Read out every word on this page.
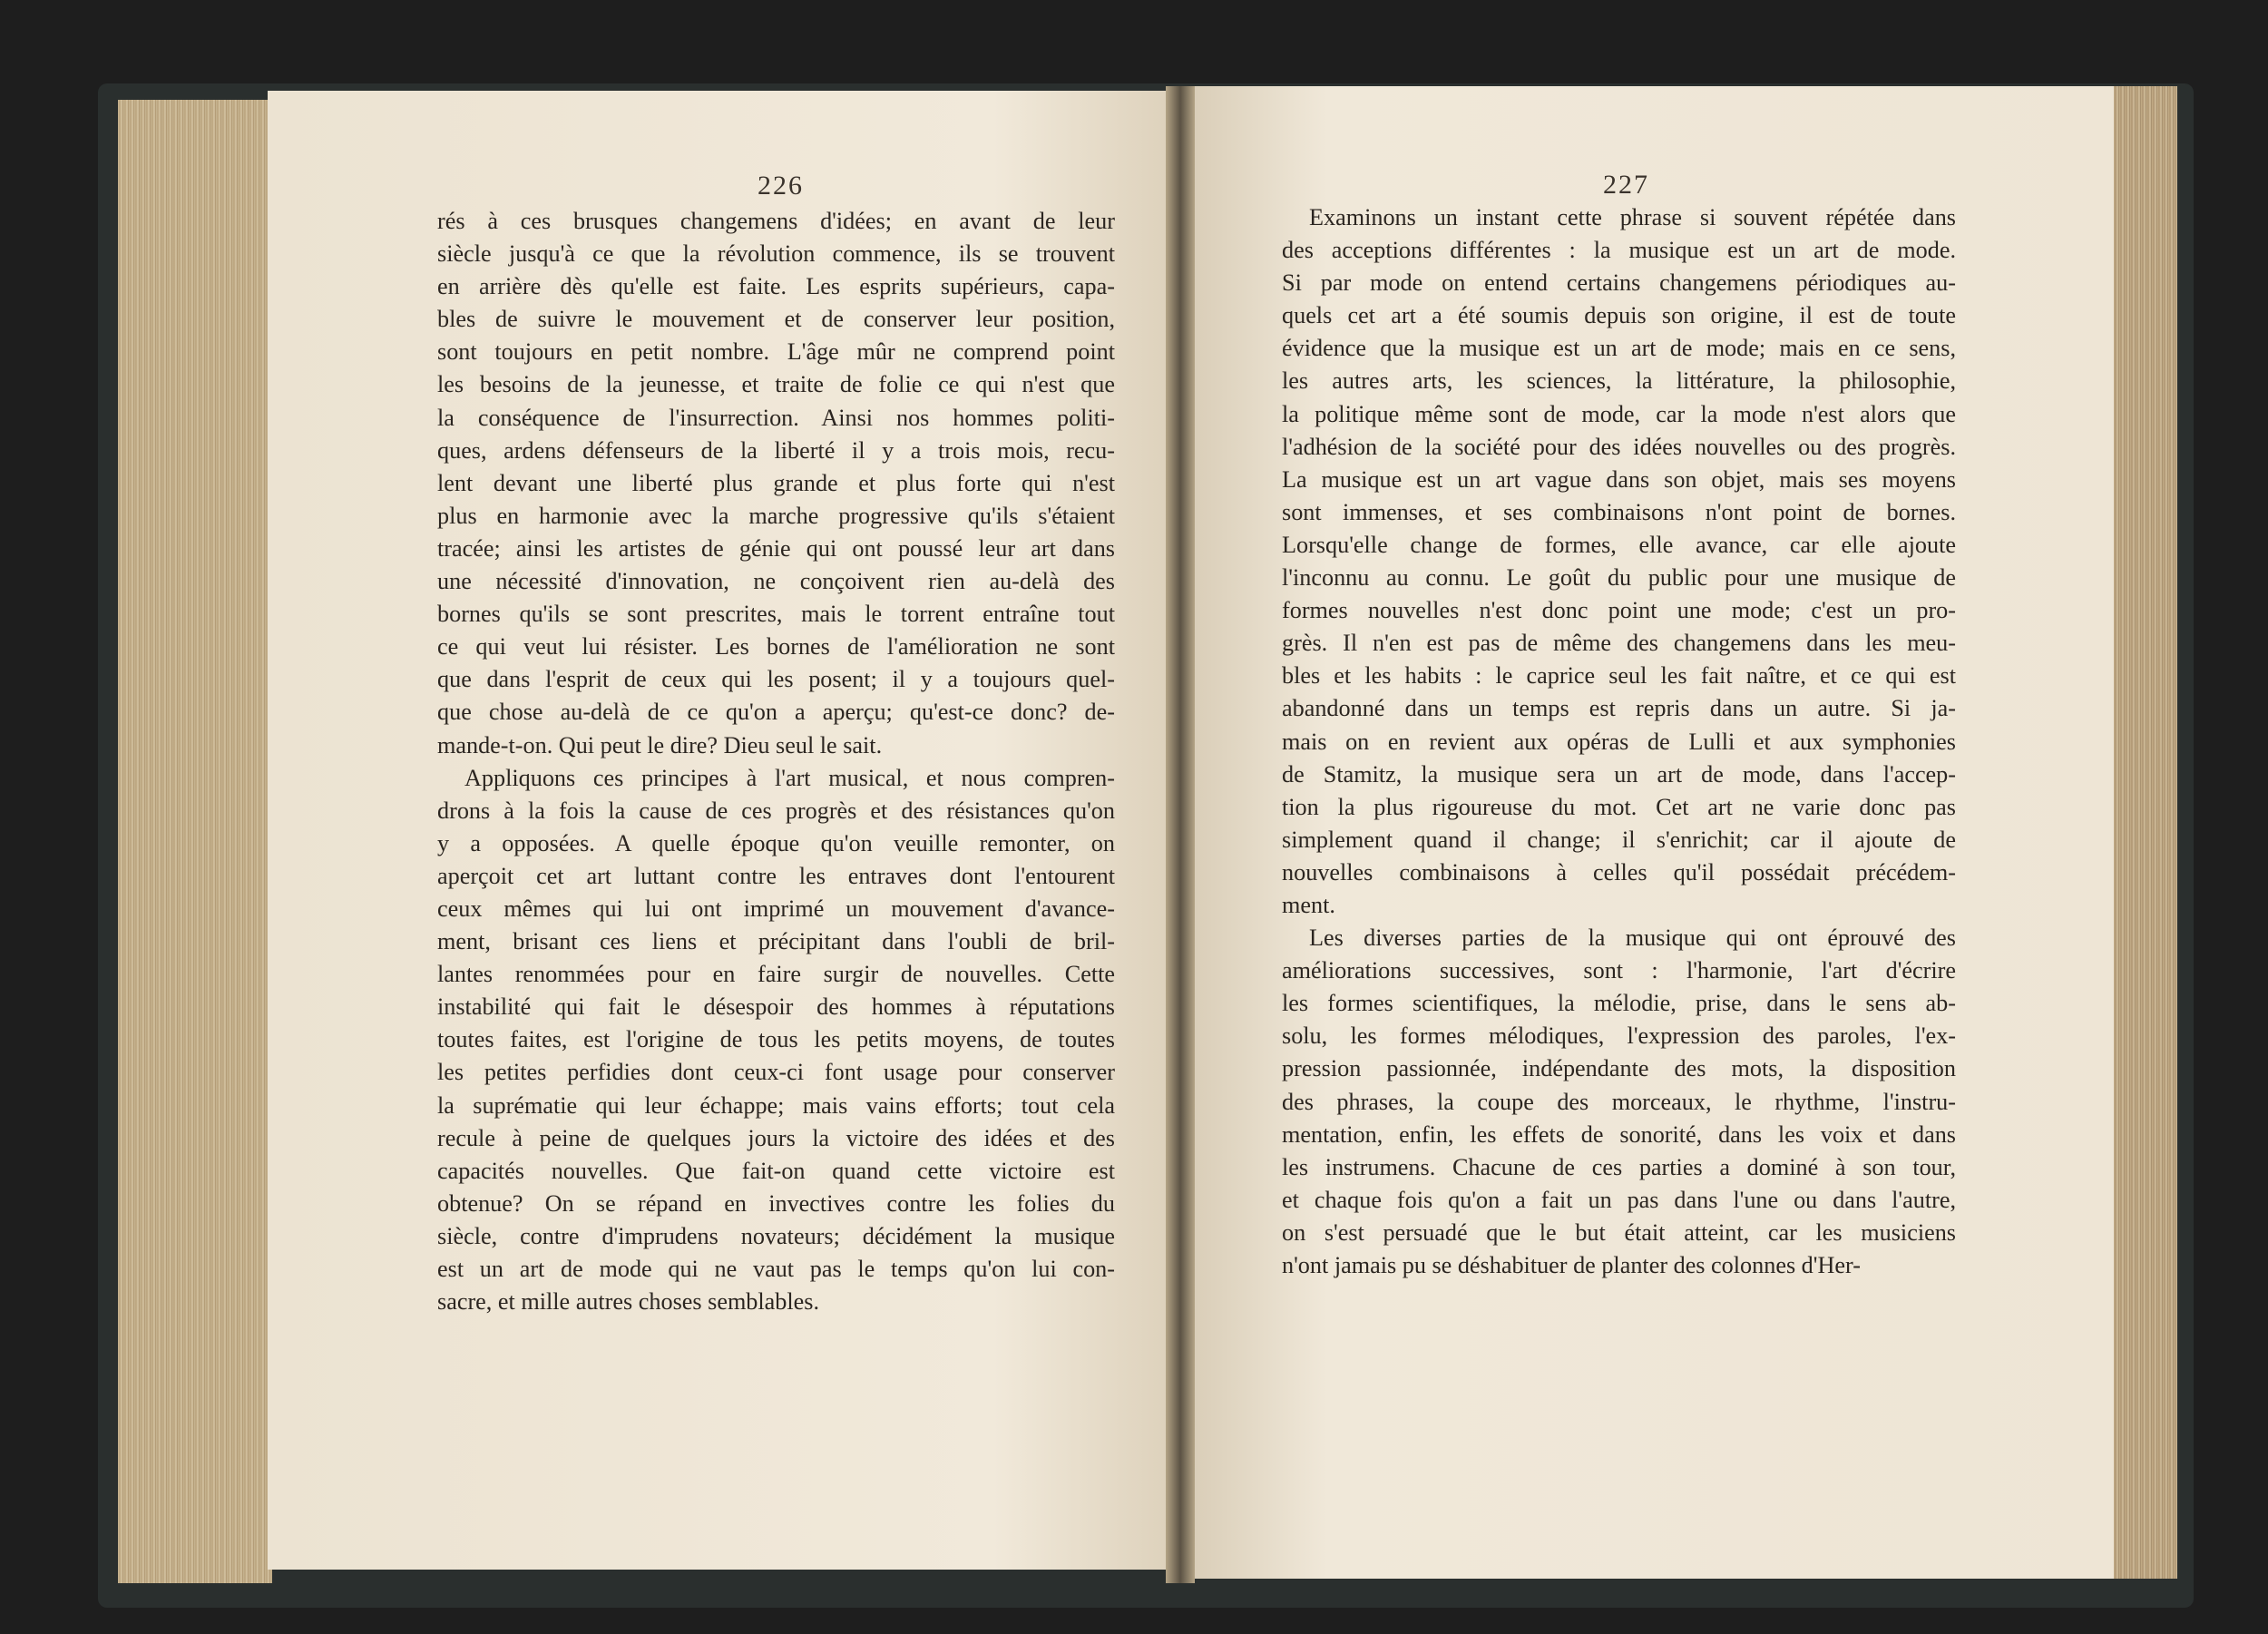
226
rés à ces brusques changemens d'idées; en avant de leur
siècle jusqu'à ce que la révolution commence, ils se trouvent
en arrière dès qu'elle est faite. Les esprits supérieurs, capa-
bles de suivre le mouvement et de conserver leur position,
sont toujours en petit nombre. L'âge mûr ne comprend point
les besoins de la jeunesse, et traite de folie ce qui n'est que
la conséquence de l'insurrection. Ainsi nos hommes politi-
ques, ardens défenseurs de la liberté il y a trois mois, recu-
lent devant une liberté plus grande et plus forte qui n'est
plus en harmonie avec la marche progressive qu'ils s'étaient
tracée; ainsi les artistes de génie qui ont poussé leur art dans
une nécessité d'innovation, ne conçoivent rien au-delà des
bornes qu'ils se sont prescrites, mais le torrent entraîne tout
ce qui veut lui résister. Les bornes de l'amélioration ne sont
que dans l'esprit de ceux qui les posent; il y a toujours quel-
que chose au-delà de ce qu'on a aperçu; qu'est-ce donc? de-
mande-t-on. Qui peut le dire? Dieu seul le sait.
Appliquons ces principes à l'art musical, et nous compren-
drons à la fois la cause de ces progrès et des résistances qu'on
y a opposées. A quelle époque qu'on veuille remonter, on
aperçoit cet art luttant contre les entraves dont l'entourent
ceux mêmes qui lui ont imprimé un mouvement d'avance-
ment, brisant ces liens et précipitant dans l'oubli de bril-
lantes renommées pour en faire surgir de nouvelles. Cette
instabilité qui fait le désespoir des hommes à réputations
toutes faites, est l'origine de tous les petits moyens, de toutes
les petites perfidies dont ceux-ci font usage pour conserver
la suprématie qui leur échappe; mais vains efforts; tout cela
recule à peine de quelques jours la victoire des idées et des
capacités nouvelles. Que fait-on quand cette victoire est
obtenue? On se répand en invectives contre les folies du
siècle, contre d'imprudens novateurs; décidément la musique
est un art de mode qui ne vaut pas le temps qu'on lui con-
sacre, et mille autres choses semblables.
227
Examinons un instant cette phrase si souvent répétée dans
des acceptions différentes : la musique est un art de mode.
Si par mode on entend certains changemens périodiques au-
quels cet art a été soumis depuis son origine, il est de toute
évidence que la musique est un art de mode; mais en ce sens,
les autres arts, les sciences, la littérature, la philosophie,
la politique même sont de mode, car la mode n'est alors que
l'adhésion de la société pour des idées nouvelles ou des progrès.
La musique est un art vague dans son objet, mais ses moyens
sont immenses, et ses combinaisons n'ont point de bornes.
Lorsqu'elle change de formes, elle avance, car elle ajoute
l'inconnu au connu. Le goût du public pour une musique de
formes nouvelles n'est donc point une mode; c'est un pro-
grès. Il n'en est pas de même des changemens dans les meu-
bles et les habits : le caprice seul les fait naître, et ce qui est
abandonné dans un temps est repris dans un autre. Si ja-
mais on en revient aux opéras de Lulli et aux symphonies
de Stamitz, la musique sera un art de mode, dans l'accep-
tion la plus rigoureuse du mot. Cet art ne varie donc pas
simplement quand il change; il s'enrichit; car il ajoute de
nouvelles combinaisons à celles qu'il possédait précédem-
ment.
Les diverses parties de la musique qui ont éprouvé des
améliorations successives, sont : l'harmonie, l'art d'écrire
les formes scientifiques, la mélodie, prise, dans le sens ab-
solu, les formes mélodiques, l'expression des paroles, l'ex-
pression passionnée, indépendante des mots, la disposition
des phrases, la coupe des morceaux, le rhythme, l'instru-
mentation, enfin, les effets de sonorité, dans les voix et dans
les instrumens. Chacune de ces parties a dominé à son tour,
et chaque fois qu'on a fait un pas dans l'une ou dans l'autre,
on s'est persuadé que le but était atteint, car les musiciens
n'ont jamais pu se déshabituer de planter des colonnes d'Her-
